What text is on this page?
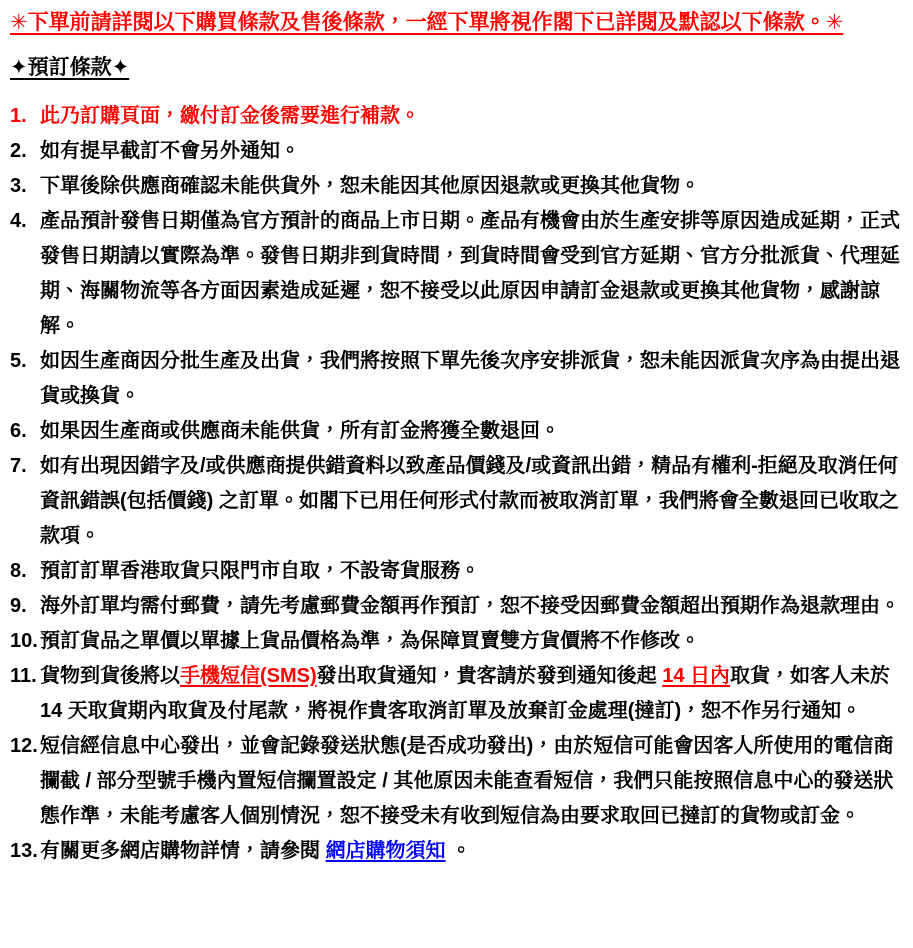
✳下單前請詳閱以下購買條款及售後條款，一經下單將視作閣下已詳閱及默認以下條款。✳

✦預訂條款✦
1. 此乃訂購頁面，繳付訂金後需要進行補款。
2. 如有提早截訂不會另外通知。
3. 下單後除供應商確認未能供貨外，恕未能因其他原因退款或更換其他貨物。
4. 產品預計發售日期僅為官方預計的商品上市日期。產品有機會由於生產安排等原因造成延期，正式發售日期請以實際為準。發售日期非到貨時間，到貨時間會受到官方延期、官方分批派貨、代理延期、海關物流等各方面因素造成延遲，恕不接受以此原因申請訂金退款或更換其他貨物，感謝諒解。
5. 如因生產商因分批生產及出貨，我們將按照下單先後次序安排派貨，恕未能因派貨次序為由提出退貨或換貨。
6. 如果因生產商或供應商未能供貨，所有訂金將獲全數退回。
7. 如有出現因錯字及/或供應商提供錯資料以致產品價錢及/或資訊出錯，精品有權利-拒絕及取消任何資訊錯誤(包括價錢) 之訂單。如閣下已用任何形式付款而被取消訂單，我們將會全數退回已收取之款項。
8. 預訂訂單香港取貨只限門市自取，不設寄貨服務。
9. 海外訂單均需付郵費，請先考慮郵費金額再作預訂，恕不接受因郵費金額超出預期作為退款理由。
10. 預訂貨品之單價以單據上貨品價格為準，為保障買賣雙方貨價將不作修改。
11. 貨物到貨後將以手機短信(SMS)發出取貨通知，貴客請於發到通知後起 14 日內取貨，如客人未於 14 天取貨期內取貨及付尾款，將視作貴客取消訂單及放棄訂金處理(撻訂)，恕不作另行通知。
12. 短信經信息中心發出，並會記錄發送狀態(是否成功發出)，由於短信可能會因客人所使用的電信商攔截 / 部分型號手機內置短信攔置設定 / 其他原因未能查看短信，我們只能按照信息中心的發送狀態作準，未能考慮客人個別情況，恕不接受未有收到短信為由要求取回已撻訂的貨物或訂金。
13. 有關更多網店購物詳情，請參閱 網店購物須知 。
